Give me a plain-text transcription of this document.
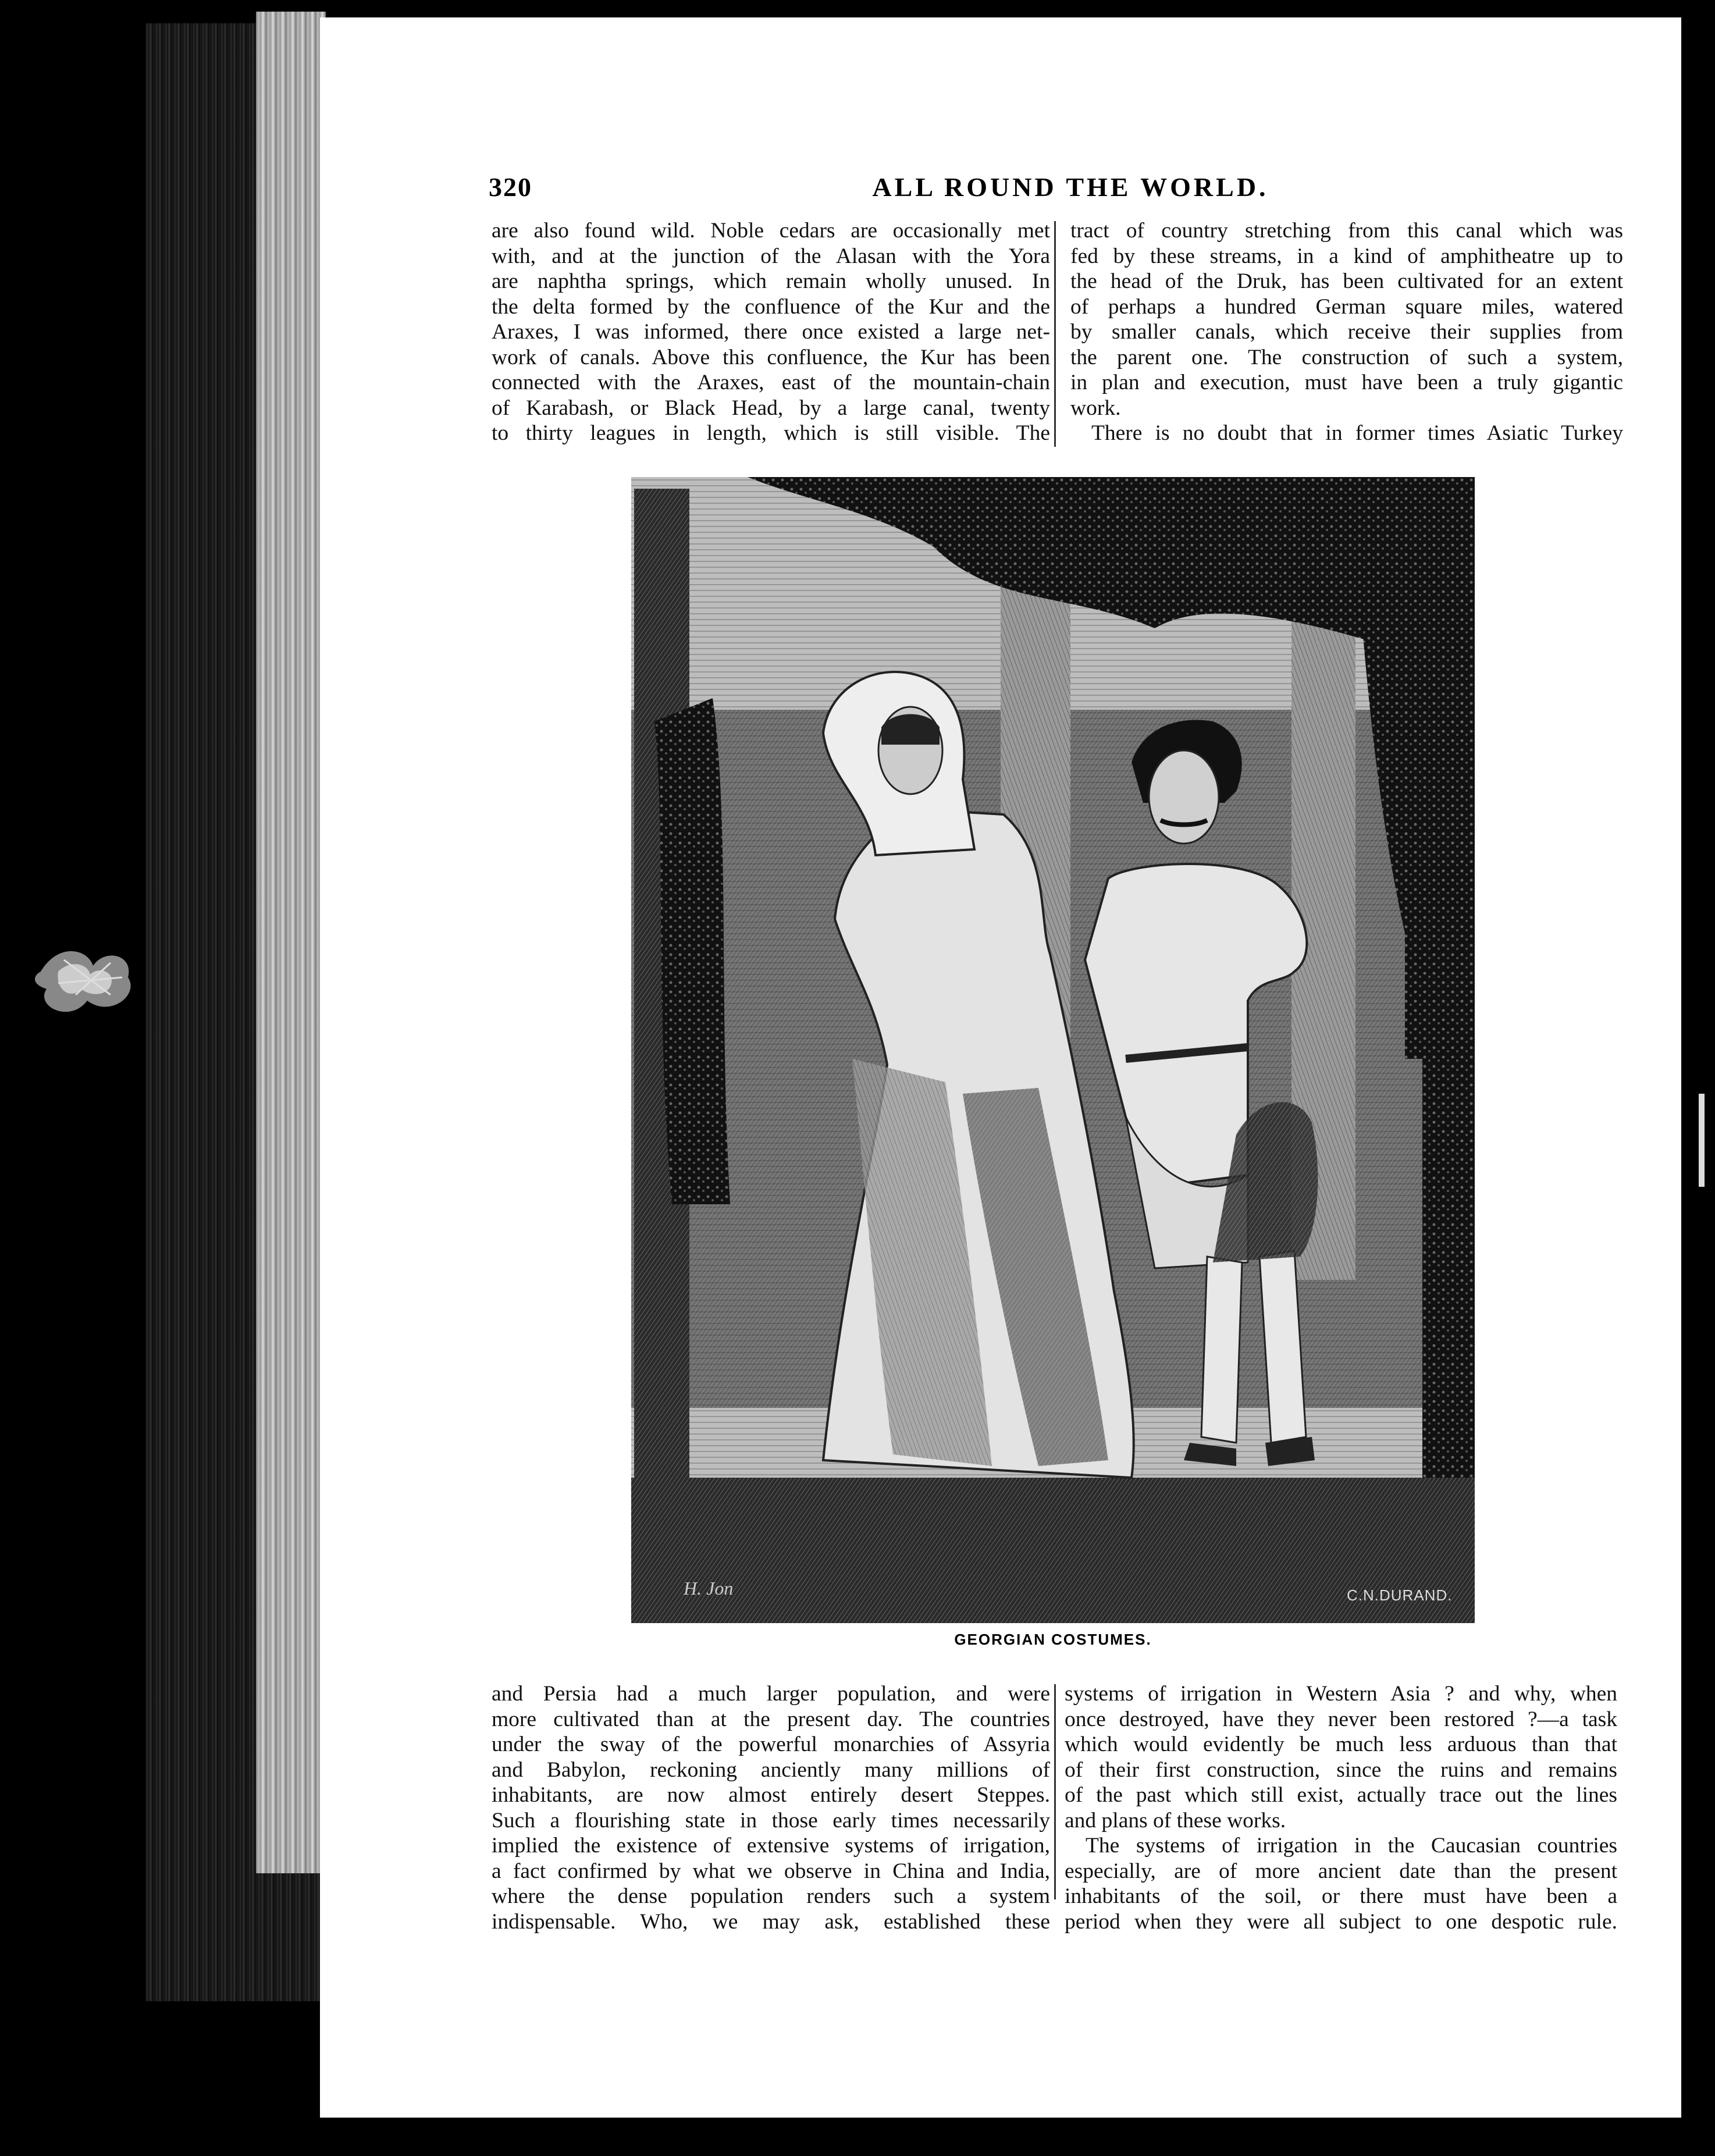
320	ALL ROUND THE WORLD.
are also found wild. Noble cedars are occasionally met
with, and at the junction of the Alasan with the Yora
are naphtha springs, which remain wholly unused. In
the delta formed by the confluence of the Kur and the
Araxes, I was informed, there once existed a large net-
work of canals. Above this confluence, the Kur has been
connected with the Araxes, east of the mountain-chain
of Karabash, or Black Head, by a large canal, twenty
to thirty leagues in length, which is still visible. The
tract of country stretching from this canal which was
fed by these streams, in a kind of amphitheatre up to
the head of the Druk, has been cultivated for an extent
of perhaps a hundred German square miles, watered
by smaller canals, which receive their supplies from
the parent one. The construction of such a system,
in plan and execution, must have been a truly gigantic
work.
There is no doubt that in former times Asiatic Turkey
H. Jon	C.N.DURAND.
GEORGIAN COSTUMES.
and Persia had a much larger population, and were
more cultivated than at the present day. The countries
under the sway of the powerful monarchies of Assyria
and Babylon, reckoning anciently many millions of
inhabitants, are now almost entirely desert Steppes.
Such a flourishing state in those early times necessarily
implied the existence of extensive systems of irrigation,
a fact confirmed by what we observe in China and India,
where the dense population renders such a system
indispensable. Who, we may ask, established these
systems of irrigation in Western Asia ? and why, when
once destroyed, have they never been restored ?—a task
which would evidently be much less arduous than that
of their first construction, since the ruins and remains
of the past which still exist, actually trace out the lines
and plans of these works.
The systems of irrigation in the Caucasian countries
especially, are of more ancient date than the present
inhabitants of the soil, or there must have been a
period when they were all subject to one despotic rule.
